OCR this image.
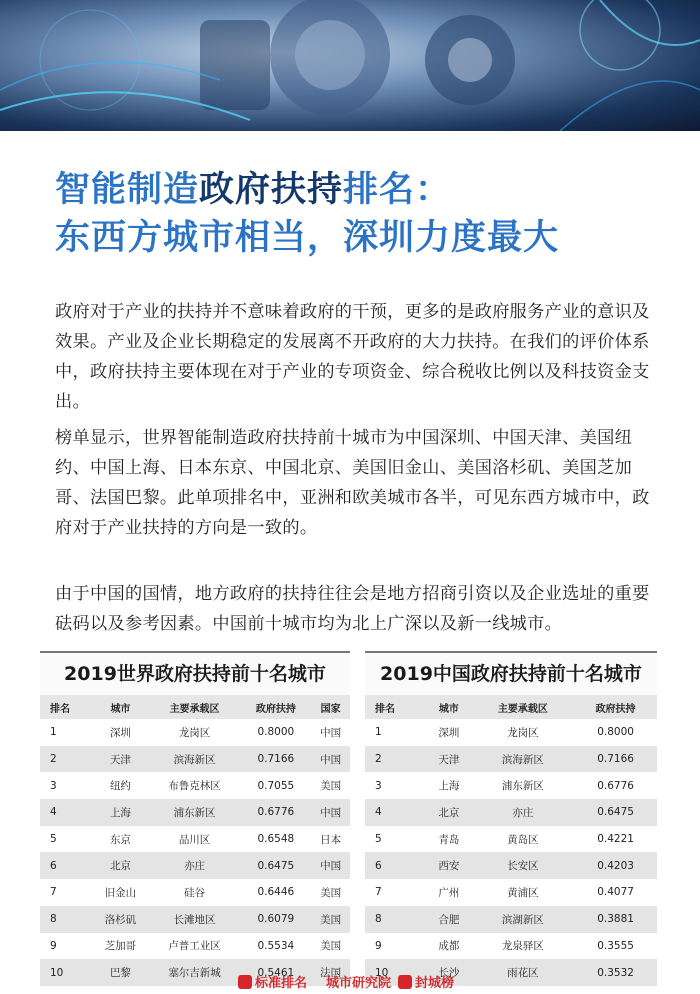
智能制造政府扶持排名：
东西方城市相当，深圳力度最大

政府对于产业的扶持并不意味着政府的干预，更多的是政府服务产业的意识及效果。产业及企业长期稳定的发展离不开政府的大力扶持。在我们的评价体系中，政府扶持主要体现在对于产业的专项资金、综合税收比例以及科技资金支出。

榜单显示，世界智能制造政府扶持前十城市为中国深圳、中国天津、美国纽约、中国上海、日本东京、中国北京、美国旧金山、美国洛杉矶、美国芝加哥、法国巴黎。此单项排名中，亚洲和欧美城市各半，可见东西方城市中，政府对于产业扶持的方向是一致的。

由于中国的国情，地方政府的扶持往往会是地方招商引资以及企业选址的重要砝码以及参考因素。中国前十城市均为北上广深以及新一线城市。

2019世界政府扶持前十名城市
排名	城市	主要承载区	政府扶持	国家
1	深圳	龙岗区	0.8000	中国
2	天津	滨海新区	0.7166	中国
3	纽约	布鲁克林区	0.7055	美国
4	上海	浦东新区	0.6776	中国
5	东京	品川区	0.6548	日本
6	北京	亦庄	0.6475	中国
7	旧金山	硅谷	0.6446	美国
8	洛杉矶	长滩地区	0.6079	美国
9	芝加哥	卢普工业区	0.5534	美国
10	巴黎	塞尔吉新城	0.5461	法国
2019中国政府扶持前十名城市
排名	城市	主要承载区	政府扶持
1	深圳	龙岗区	0.8000
2	天津	滨海新区	0.7166
3	上海	浦东新区	0.6776
4	北京	亦庄	0.6475
5	青岛	黄岛区	0.4221
6	西安	长安区	0.4203
7	广州	黄浦区	0.4077
8	合肥	滨湖新区	0.3881
9	成都	龙泉驿区	0.3555
10	长沙	雨花区	0.3532
标准排名 城市研究院 封城榜
